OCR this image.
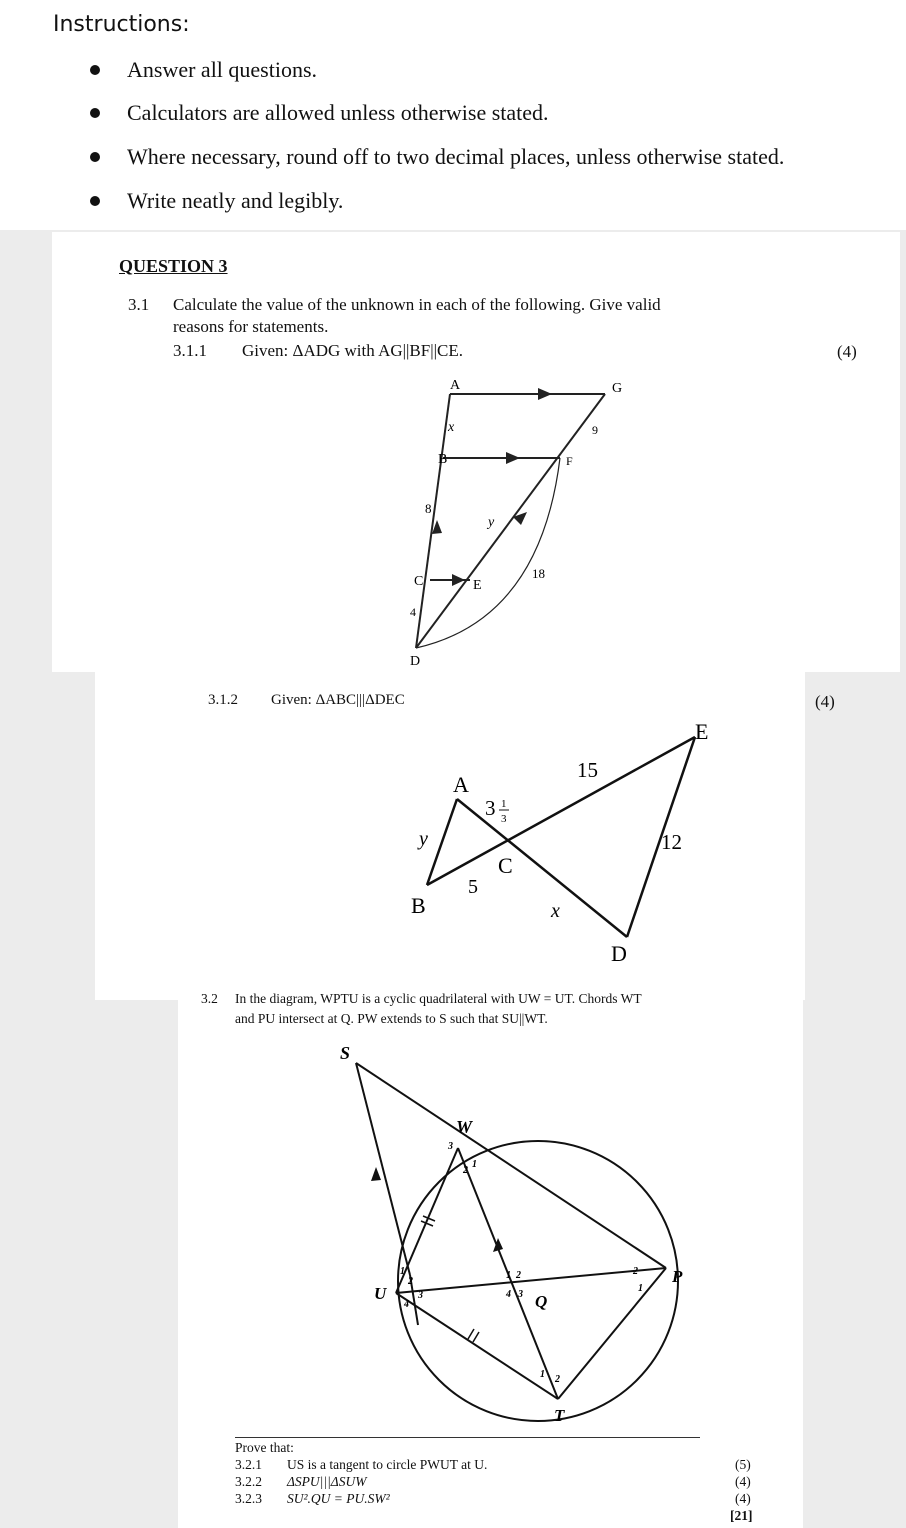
Instructions:
Answer all questions.
Calculators are allowed unless otherwise stated.
Where necessary, round off to two decimal places, unless otherwise stated.
Write neatly and legibly.
QUESTION 3
3.1 Calculate the value of the unknown in each of the following. Give valid
reasons for statements.
3.1.1 Given: ΔADG with AG||BF||CE.	(4)
A	G
x	9
B	F
8
y
18
C	E
4
D
3.1.2 Given: ΔABC|||ΔDEC	(4)
A
E
B
C
D
y
5
x
15
12
3 1
3
3.2 In the diagram, WPTU is a cyclic quadrilateral with UW = UT. Chords WT
and PU intersect at Q. PW extends to S such that SU||WT.
S
W
U
P
Q
T
3
2
1
1
2
3
4
1 2
3
4
2
1
1 2
Prove that:
3.2.1 US is a tangent to circle PWUT at U.	(5)
3.2.2 ΔSPU|||ΔSUW	(4)
3.2.3 SU².QU = PU.SW²	(4)
[21]
